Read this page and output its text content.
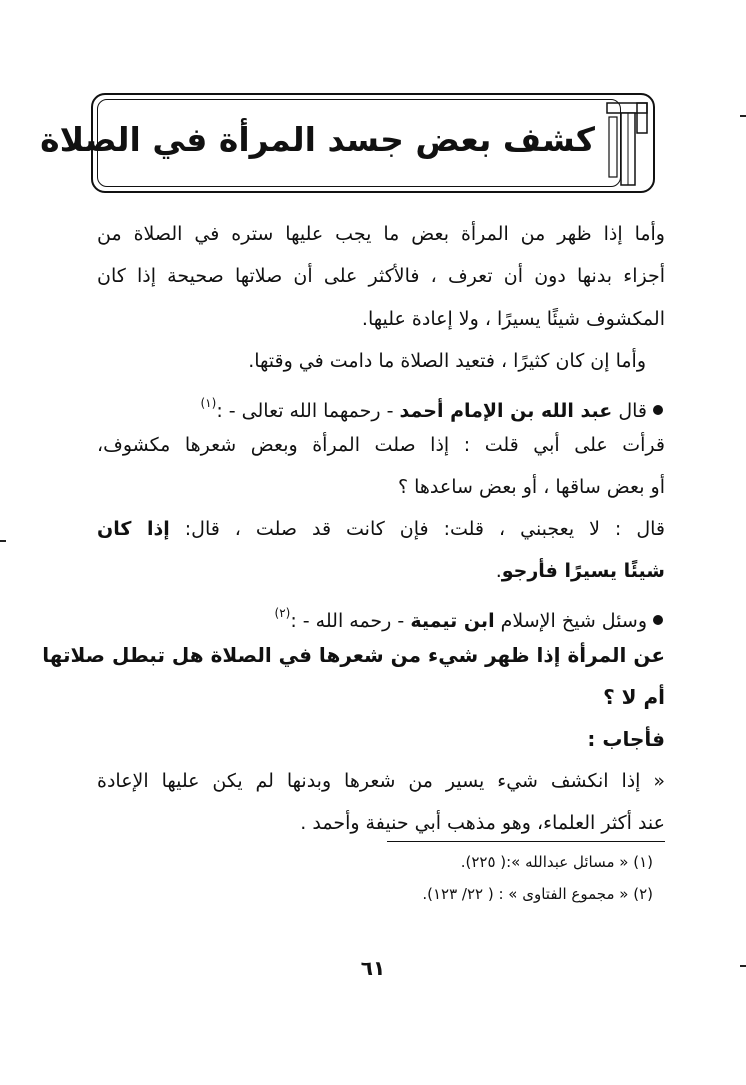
كشف بعض جسد المرأة في الصلاة
وأما إذا ظهر من المرأة بعض ما يجب عليها ستره في الصلاة من
أجزاء بدنها دون أن تعرف ، فالأكثر على أن صلاتها صحيحة إذا كان
المكشوف شيئًا يسيرًا ، ولا إعادة عليها.
وأما إن كان كثيرًا ، فتعيد الصلاة ما دامت في وقتها.
قال عبد الله بن الإمام أحمد - رحمهما الله تعالى - :$^{(١)}$
قرأت على أبي قلت : إذا صلت المرأة وبعض شعرها مكشوف،
أو بعض ساقها ، أو بعض ساعدها ؟
قال : لا يعجبني ، قلت: فإن كانت قد صلت ، قال: إذا كان
شيئًا يسيرًا فأرجو.
وسئل شيخ الإسلام ابن تيمية - رحمه الله - :$^{(٢)}$
عن المرأة إذا ظهر شيء من شعرها في الصلاة هل تبطل صلاتها
أم لا ؟
فأجاب :
« إذا انكشف شيء يسير من شعرها وبدنها لم يكن عليها الإعادة
عند أكثر العلماء، وهو مذهب أبي حنيفة وأحمد .
(١) « مسائل عبدالله »:( ٢٢٥).
(٢) « مجموع الفتاوى » : ( ٢٢/ ١٢٣).
٦١
